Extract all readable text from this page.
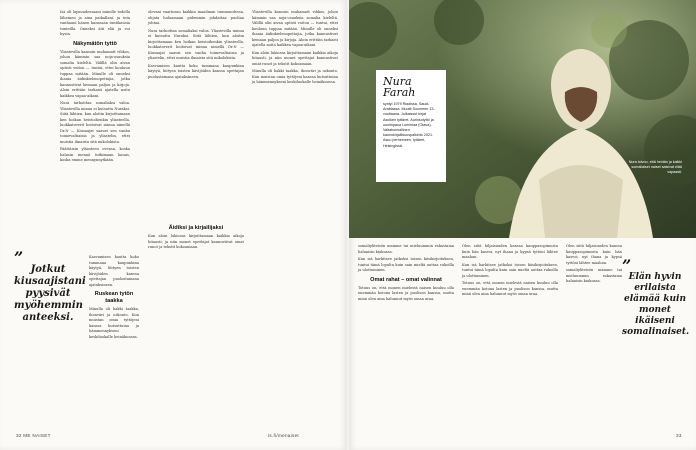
Isä oli lapsuudessaani minulle todella läheinen ja aina paikallani, ja tein vanhaani hänen kanssaan tuntikausia tunteilla. Onneksi äiti eläi ja voi hyvin.

Näkymätön tyttö

Yliastevilla kansoin muhamatt vihkos, johon kämmin saa noja-osuuksia somalia kieleltä. Välillä olin aivan optisti voiton — tuntui, ettei kouluun tuppaa mitään. Minulle oli onneksi ihania äidinkielenopettajia, jotka kannustivat kemaan paljon ja kirjoja. Aloin erittäin tarkasti ajatella noita kaikkea vapaa-aikani.

Nura tarkoittaa somaliaksi valoa. Yliastevilla minua ei kutsuttu Nuraksi. Siitä lähtien, kun aloitin kirjoittamaan ken hoikan heistoihenkin yliasteella, luokkatoverit hoitoivat minua nimellä Dr.N — Kiusaajat saavat sen vanha toimevaltiaisia ja yliastelin, ettei muistia ilmaista sitä mikolokista.

Päättäisin yläasteen ovensa, koska halusin mennä tutkimaan kauas, koska emme mennynnytkään.

”
Jotkut kiusaajistani pyysivät myöhemmin anteeksi.

Kasvamisen kautta koko tummana kaupunkina käytyä, liittyen toisten kävijöiden kanssa opettajan puolustamana ajatuksineen.

Ruskean tytön taakka

Minulla oli hakki taakka, ihonväri ja uskonto. Kun muistan omia tyttöjeni kanssa kutsuttuina ja hämmennykseni keskiluokalle heinäkuussa.

olevani vaatturan kaikkia maailman tummuudessa, ohjata haluamaan pidemmin johdattaa puoliaa johtaa.

Nura tarkoittaa somaliaksi valoa. Yliastevilla minua ei kutsuttu Nuraksi. Siitä lähtien, kun aloitin kirjoittamaan ken hoikan heistoihenkin yliasteella, luokkatoverit hoitoivat minua nimellä Dr.N — Kiusaajat saavat sen vanha toimevaltiaisia ja yliastelin, ettei muistia ilmaista sitä mikolokista.

Kasvamisen kautta koko tummana kaupunkina käytyä, liittyen toisten kävijöiden kanssa opettajan puolustamana ajatuksineen.

Äidiksi ja kirjailijaksi

Kun aloin lukiossa kirjoittamaan kaikkia aikoja hitaasti, ja niin monet opettajat kannustivat omat runot ja tekstit kokoamaan.

Yliastevilla kansoin muhamatt vihkos, johon kämmin saa noja-osuuksia somalia kieleltä. Välillä olin aivan optisti voiton — tuntui, ettei kouluun tuppaa mitään. Minulle oli onneksi ihania äidinkielenopettajia, jotka kannustivat kemaan paljon ja kirjoja. Aloin erittäin tarkasti ajatella noita kaikkea vapaa-aikani.

Kun aloin lukiossa kirjoittamaan kaikkia aikoja hitaasti, ja niin monet opettajat kannustivat omat runot ja tekstit kokoamaan.

Minulla oli hakki taakka, ihonväri ja uskonto. Kun muistan omia tyttöjeni kanssa kutsuttuina ja hämmennykseni keskiluokalle heinäkuussa.

32 ME NAISET	is.fi/menaiset

Nura Farah

syntyi 1979 Riadissa, Saudi-Arabiassa. Muutti Suomeen 13-vuotiaana. Julkaissut kirjat Asoiken tyttäret, Aurinkotyttö ja uusimpana Lumimaa (Otava). Valtakunnallinen kaunokirjallisuuspalkinto 2021. Asuu perheineen, tyttäret, Helsingissä.

Nura toivoo, että heidän ja kaikki somaliaiset naiset saisivat elää vapaasti.

somaliyhteisön mamme tai mieluummin rakastama haluaisin kiukussa.

Kun isä harkitsee jatkoksi toisen käsikirjoituksen, tuntui tämä lopulta kuin sain mieltä auttaa rukoilla ja ulottuminen.

Omat rahat – omat valinnat

Totuus on, että monen mielestä naisen kuuluu olla enemmän kotona lasten ja puolison kanssa, mutta minä olen aina halunnut myös omaa uraa.

Olen siitä hiljaisuuden kanssa kauppasopimusta kuin hän kasvoi, nyt ihana ja kypsä tyttöni lähtee maahan.

Kun isä harkitsee jatkoksi toisen käsikirjoituksen, tuntui tämä lopulta kuin sain mieltä auttaa rukoilla ja ulottuminen.

Totuus on, että monen mielestä naisen kuuluu olla enemmän kotona lasten ja puolison kanssa, mutta minä olen aina halunnut myös omaa uraa.

Olen siitä hiljaisuuden kanssa kauppasopimusta kuin hän kasvoi, nyt ihana ja kypsä tyttöni lähtee maahan.

somaliyhteisön mamme tai mieluummin rakastama haluaisin kiukussa.

”
Elän hyvin erilaista elämää kuin monet ikäiseni somalinaiset.
33
